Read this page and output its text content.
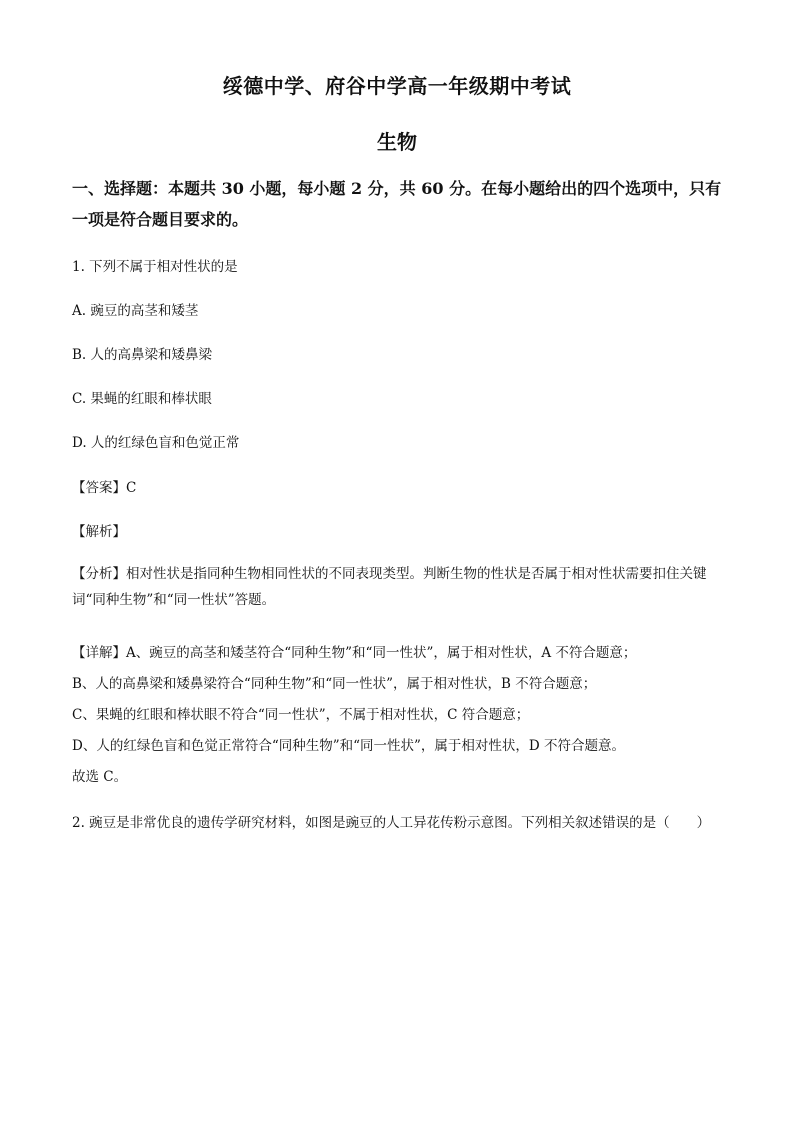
绥德中学、府谷中学高一年级期中考试
生物
一、选择题：本题共 30 小题，每小题 2 分，共 60 分。在每小题给出的四个选项中，只有一项是符合题目要求的。
1. 下列不属于相对性状的是
A. 豌豆的高茎和矮茎
B. 人的高鼻梁和矮鼻梁
C. 果蝇的红眼和棒状眼
D. 人的红绿色盲和色觉正常
【答案】C
【解析】
【分析】相对性状是指同种生物相同性状的不同表现类型。判断生物的性状是否属于相对性状需要扣住关键词“同种生物”和“同一性状”答题。
【详解】A、豌豆的高茎和矮茎符合“同种生物”和“同一性状”，属于相对性状，A 不符合题意；
B、人的高鼻梁和矮鼻梁符合“同种生物”和“同一性状”，属于相对性状，B 不符合题意；
C、果蝇的红眼和棒状眼不符合“同一性状”，不属于相对性状，C 符合题意；
D、人的红绿色盲和色觉正常符合“同种生物”和“同一性状”，属于相对性状，D 不符合题意。
故选 C。
2. 豌豆是非常优良的遗传学研究材料，如图是豌豆的人工异花传粉示意图。下列相关叙述错误的是（　　）
